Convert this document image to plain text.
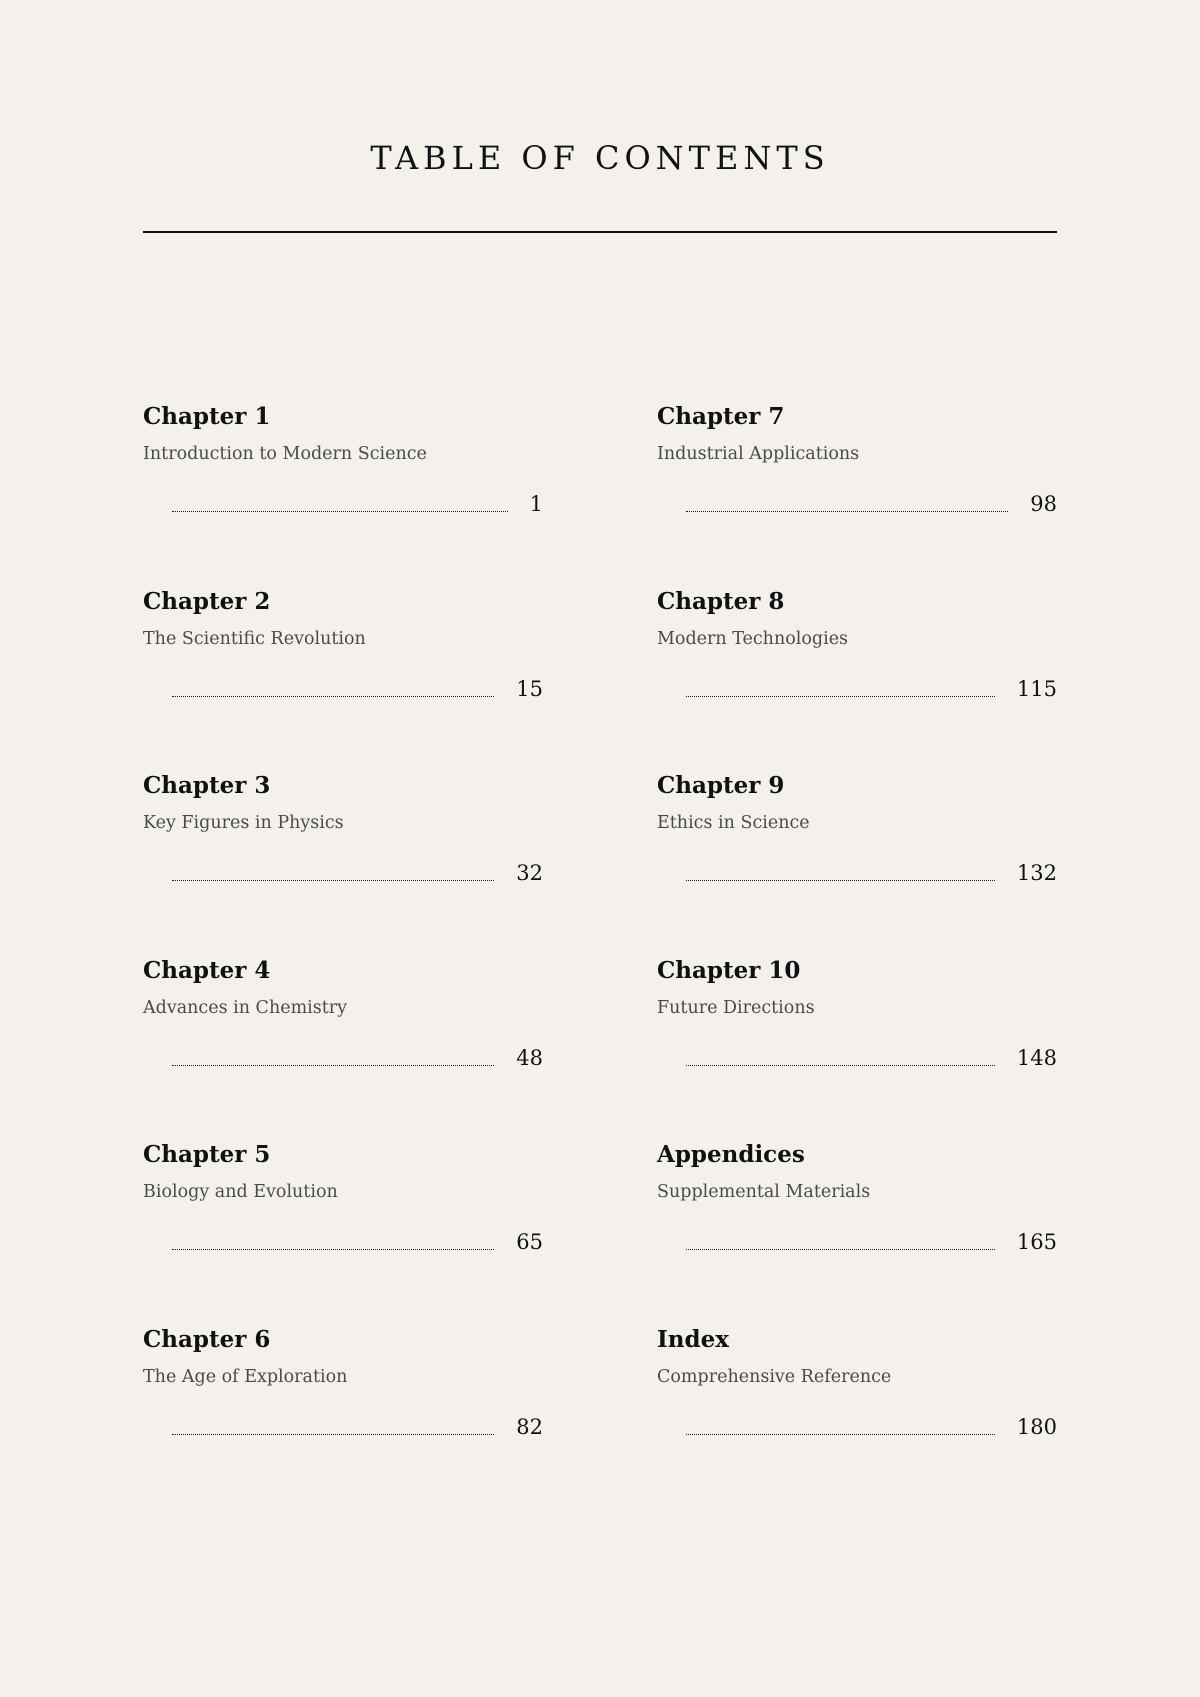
TABLE OF CONTENTS
Chapter 1
Introduction to Modern Science
1
Chapter 2
The Scientific Revolution
15
Chapter 3
Key Figures in Physics
32
Chapter 4
Advances in Chemistry
48
Chapter 5
Biology and Evolution
65
Chapter 6
The Age of Exploration
82
Chapter 7
Industrial Applications
98
Chapter 8
Modern Technologies
115
Chapter 9
Ethics in Science
132
Chapter 10
Future Directions
148
Appendices
Supplemental Materials
165
Index
Comprehensive Reference
180
